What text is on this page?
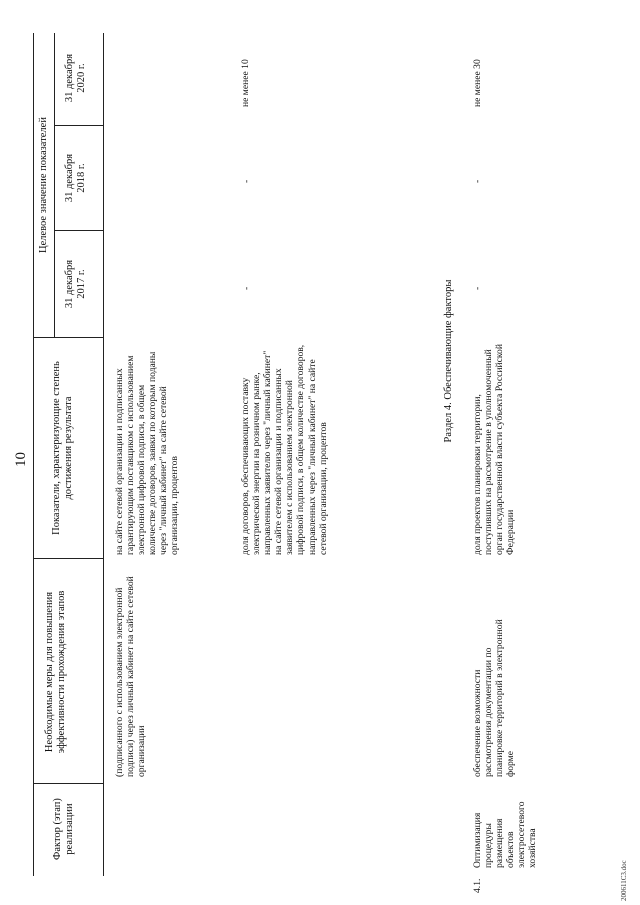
10
Фактор (этап) реализации
Необходимые меры для повышения эффективности прохождения этапов
Показатели, характеризующие степень достижения результата
Целевое значение показателей
31 декабря 2017 г.
31 декабря 2018 г.
31 декабря 2020 г.
(подписанного с использованием электронной подписи) через личный кабинет на сайте сетевой организации
на сайте сетевой организации и подписанных гарантирующим поставщиком с использованием электронной цифровой подписи, в общем количестве договоров, заявки по которым поданы через "личный кабинет" на сайте сетевой организации, процентов	доля договоров, обеспечивающих поставку электрической энергии на розничном рынке, направленных заявителю через "личный кабинет" на сайте сетевой организации и подписанных заявителем с использованием электронной цифровой подписи, в общем количестве договоров, направленных через "личный кабинет" на сайте сетевой организации, процентов
-
-
не менее 10
Раздел 4. Обеспечивающие факторы
4.1.
Оптимизация процедуры размещения объектов электросетевого хозяйства
обеспечение возможности рассмотрения документации по планировке территорий в электронной форме
доля проектов планировки территории, поступивших на рассмотрение в уполномоченный орган государственной власти субъекта Российской Федерации
-
-
не менее 30
200611C3.doc
